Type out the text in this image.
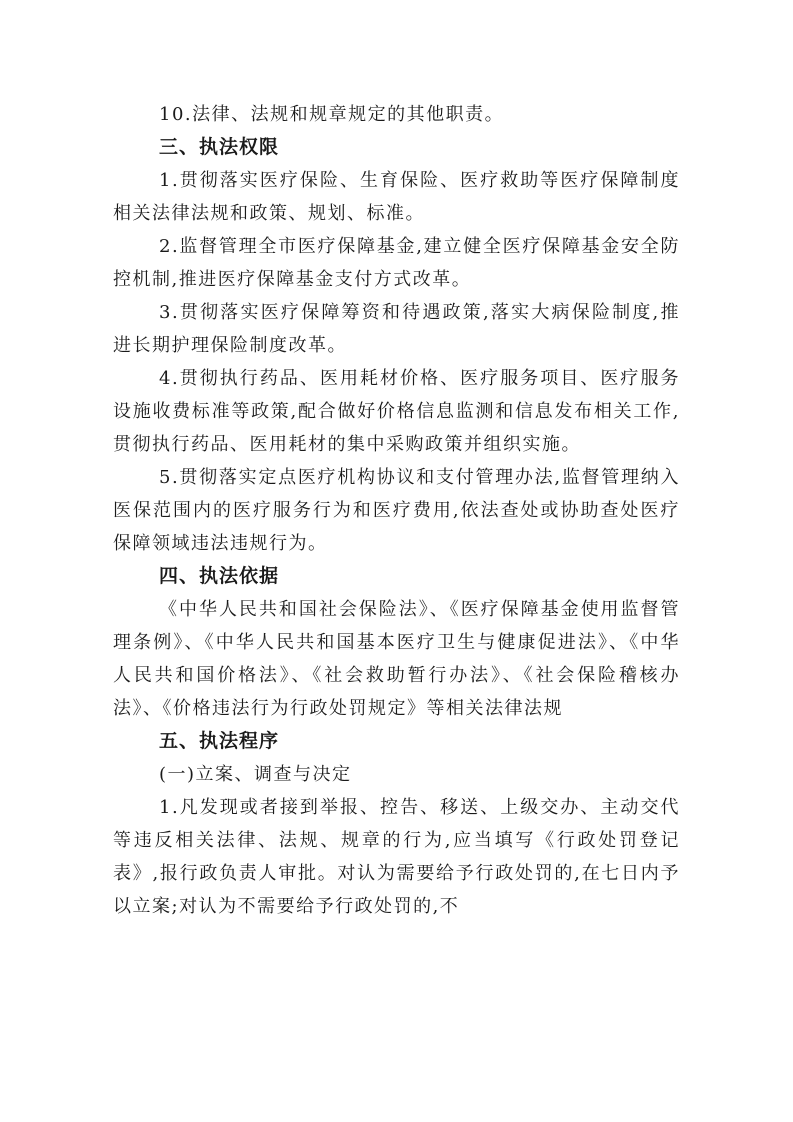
10.法律、法规和规章规定的其他职责。

三、执法权限

1.贯彻落实医疗保险、生育保险、医疗救助等医疗保障制度相关法律法规和政策、规划、标准。

2.监督管理全市医疗保障基金,建立健全医疗保障基金安全防控机制,推进医疗保障基金支付方式改革。

3.贯彻落实医疗保障筹资和待遇政策,落实大病保险制度,推进长期护理保险制度改革。

4.贯彻执行药品、医用耗材价格、医疗服务项目、医疗服务设施收费标准等政策,配合做好价格信息监测和信息发布相关工作,贯彻执行药品、医用耗材的集中采购政策并组织实施。

5.贯彻落实定点医疗机构协议和支付管理办法,监督管理纳入医保范围内的医疗服务行为和医疗费用,依法查处或协助查处医疗保障领域违法违规行为。

四、执法依据

《中华人民共和国社会保险法》、《医疗保障基金使用监督管理条例》、《中华人民共和国基本医疗卫生与健康促进法》、《中华人民共和国价格法》、《社会救助暂行办法》、《社会保险稽核办法》、《价格违法行为行政处罚规定》等相关法律法规

五、执法程序

(一)立案、调查与决定

1.凡发现或者接到举报、控告、移送、上级交办、主动交代等违反相关法律、法规、规章的行为,应当填写《行政处罚登记表》,报行政负责人审批。对认为需要给予行政处罚的,在七日内予以立案;对认为不需要给予行政处罚的,不
